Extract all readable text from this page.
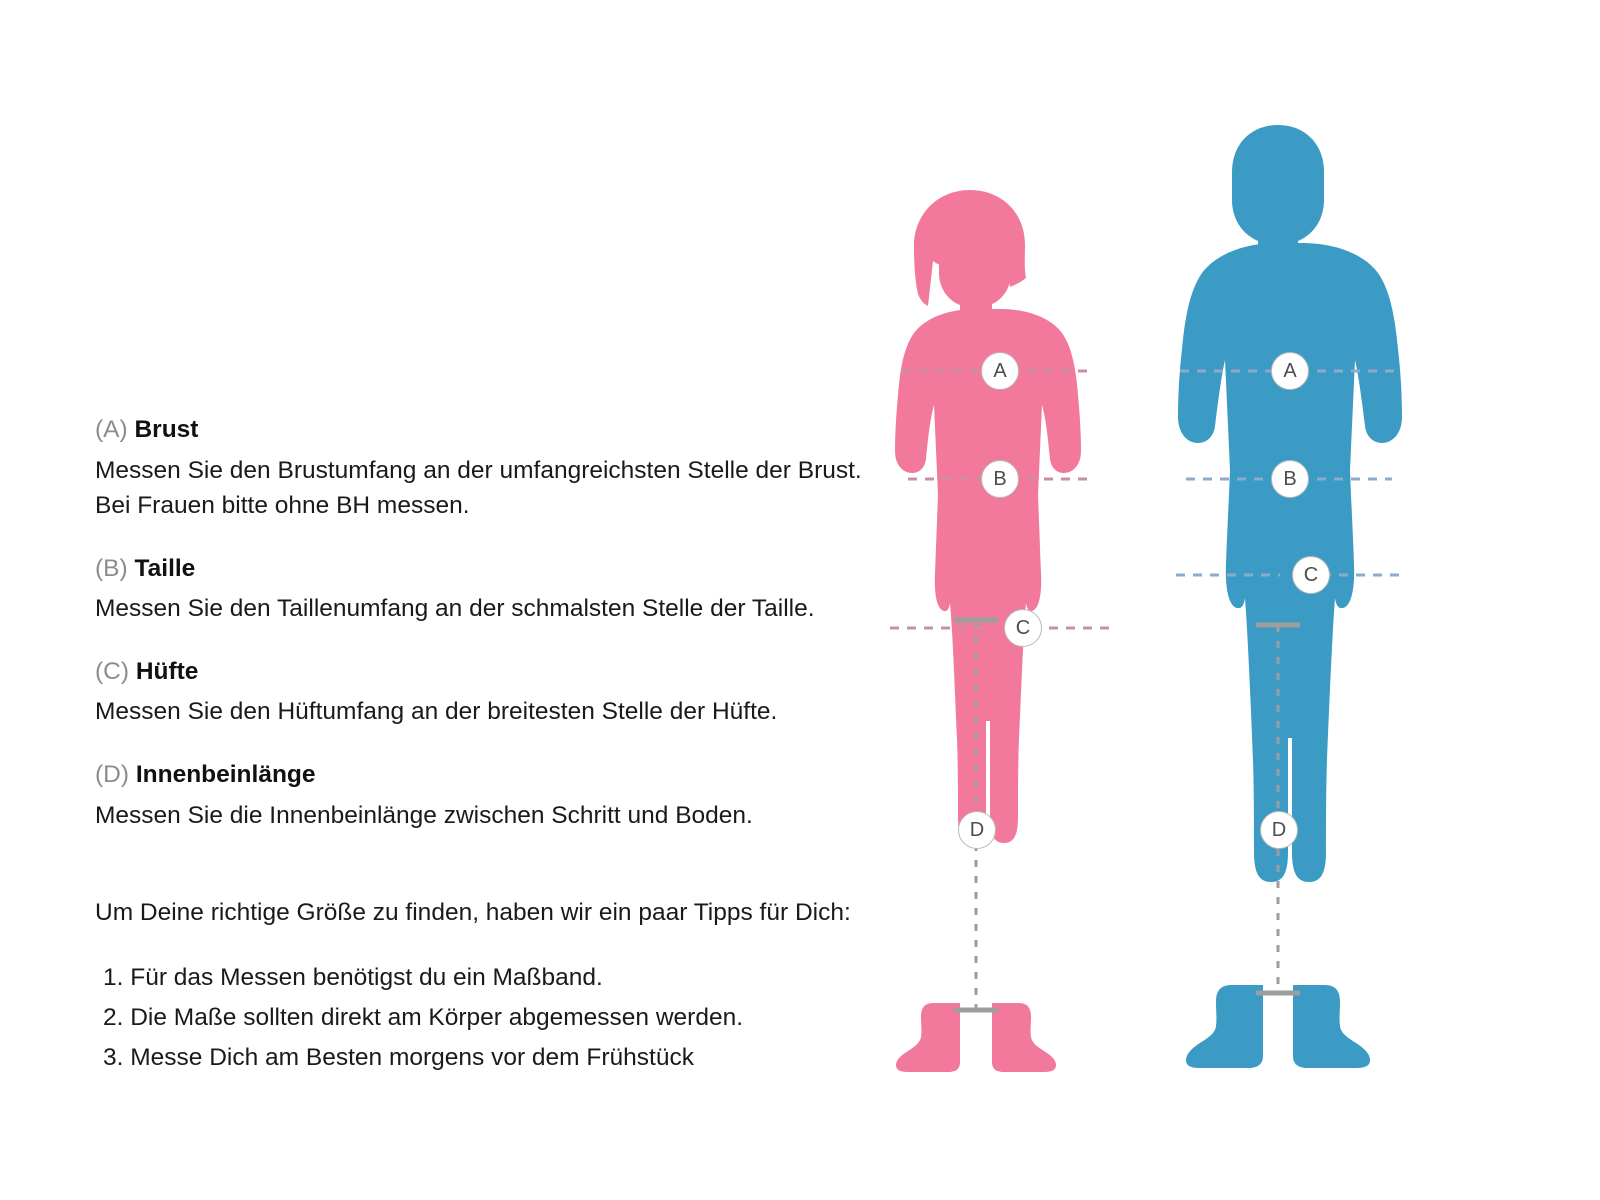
(A) Brust
Messen Sie den Brustumfang an der umfangreichsten Stelle der Brust. Bei Frauen bitte ohne BH messen.
(B) Taille
Messen Sie den Taillenumfang an der schmalsten Stelle der Taille.
(C) Hüfte
Messen Sie den Hüftumfang an der breitesten Stelle der Hüfte.
(D) Innenbeinlänge
Messen Sie die Innenbeinlänge zwischen Schritt und Boden.
Um Deine richtige Größe zu finden, haben wir ein paar Tipps für Dich:
1. Für das Messen benötigst du ein Maßband.
2. Die Maße sollten direkt am Körper abgemessen werden.
3. Messe Dich am Besten morgens vor dem Frühstück
A
B
C
D
A
B
C
D
